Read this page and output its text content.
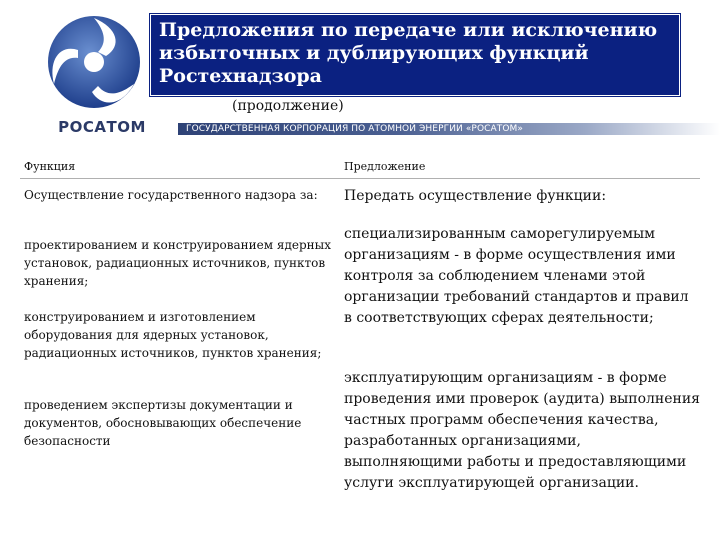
РОСАТОМ
Предложения по передаче или исключению
избыточных и дублирующих функций
Ростехнадзора
(продолжение)
ГОСУДАРСТВЕННАЯ КОРПОРАЦИЯ ПО АТОМНОЙ ЭНЕРГИИ «РОСАТОМ»
Функция	Предложение

Осуществление государственного надзора за:

проектированием и конструированием ядерных установок, радиационных источников, пунктов хранения;

конструированием и изготовлением оборудования для ядерных установок, радиационных источников, пунктов хранения;

проведением экспертизы документации и документов, обосновывающих обеспечение безопасности

Передать осуществление функции:

специализированным саморегулируемым организациям - в форме осуществления ими контроля за соблюдением членами этой организации требований стандартов и правил в соответствующих сферах деятельности;

эксплуатирующим организациям - в форме проведения ими проверок (аудита) выполнения частных программ обеспечения качества, разработанных организациями, выполняющими работы и предоставляющими услуги эксплуатирующей организации.
